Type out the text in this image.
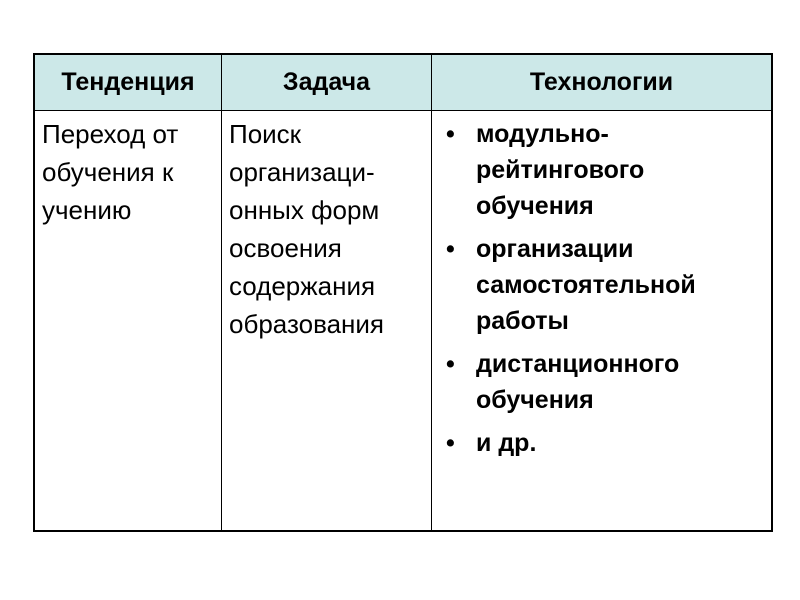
Тенденция	Задача	Технологии
Переход от
обучения к
учению
Поиск
организаци-
онных форм
освоения
содержания
образования
• модульно-
рейтингового
обучения
• организации
самостоятельной
работы
• дистанционного
обучения
• и др.
